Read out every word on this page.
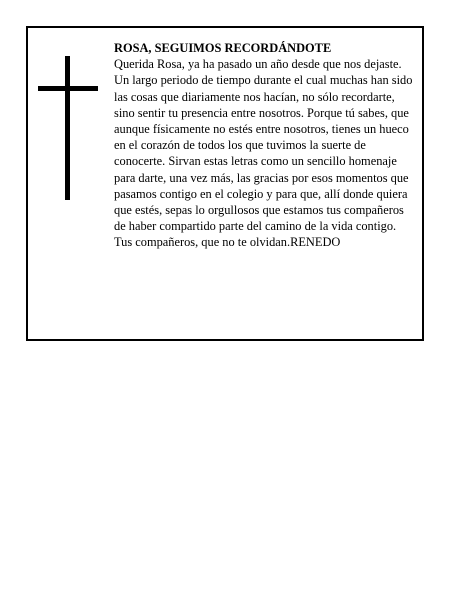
ROSA, SEGUIMOS RECORDÁNDOTE

Querida Rosa, ya ha pasado un año desde que nos dejaste. Un largo periodo de tiempo durante el cual muchas han sido las cosas que diariamente nos hacían, no sólo recordarte, sino sentir tu presencia entre nosotros. Porque tú sabes, que aunque físicamente no estés entre nosotros, tienes un hueco en el corazón de todos los que tuvimos la suerte de conocerte. Sirvan estas letras como un sencillo homenaje para darte, una vez más, las gracias por esos momentos que pasamos contigo en el colegio y para que, allí donde quiera que estés, sepas lo orgullosos que estamos tus compañeros de haber compartido parte del camino de la vida contigo.

Tus compañeros, que no te olvidan.RENEDO
